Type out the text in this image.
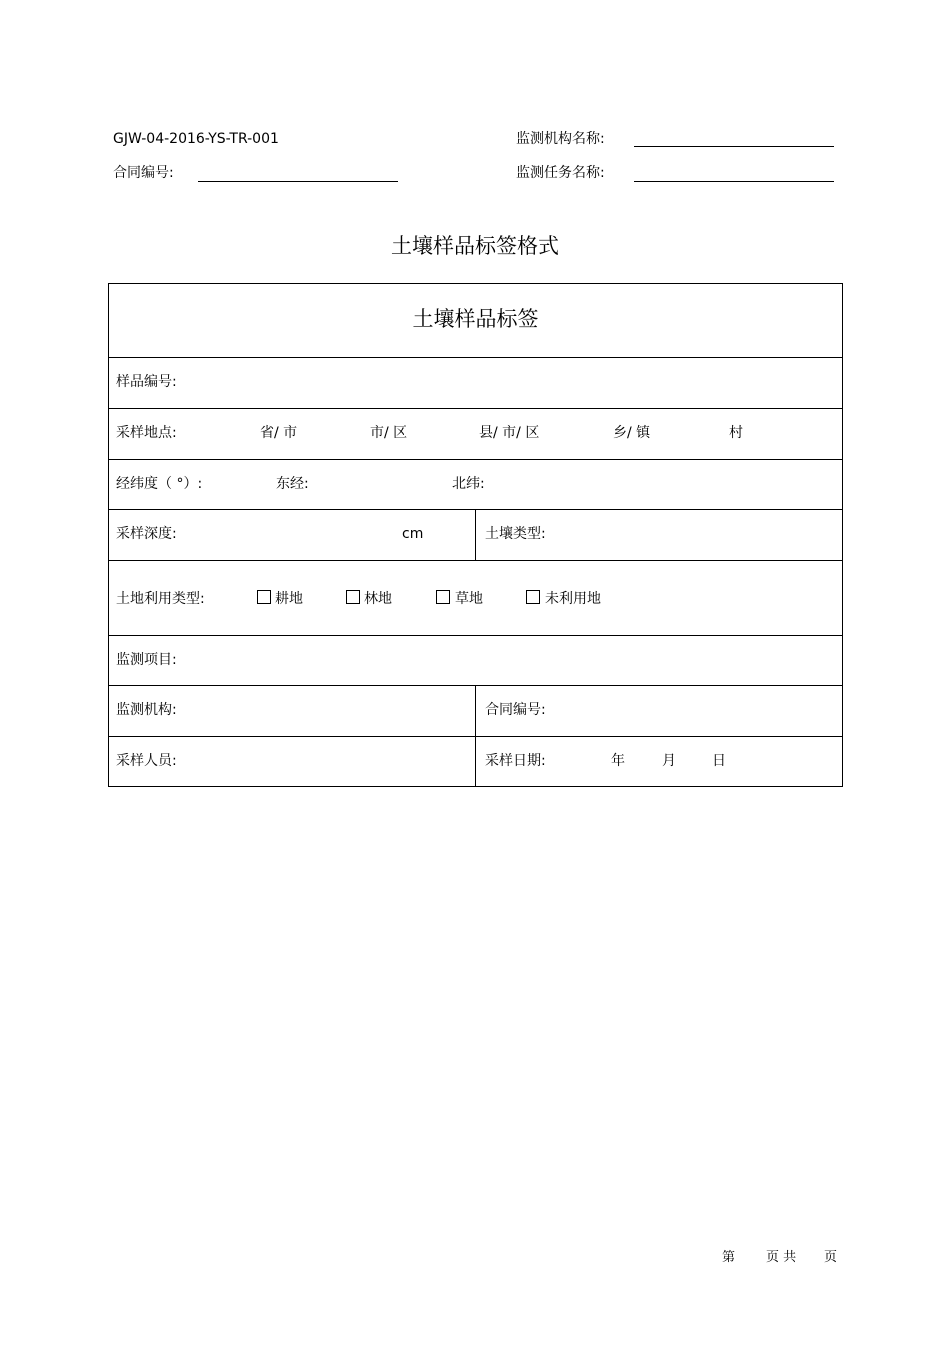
GJW-04-2016-YS-TR-001	监测机构名称:
合同编号:	监测任务名称:
土壤样品标签格式
土壤样品标签
样品编号:
采样地点:	省/ 市	市/ 区	县/ 市/ 区	乡/ 镇	村
经纬度（ °）:	东经:	北纬:
采样深度:	cm	土壤类型:
土地利用类型:	耕地	林地	草地	未利用地
监测项目:
监测机构:	合同编号:
采样人员:	采样日期:	年	月	日
第 页 共 页
